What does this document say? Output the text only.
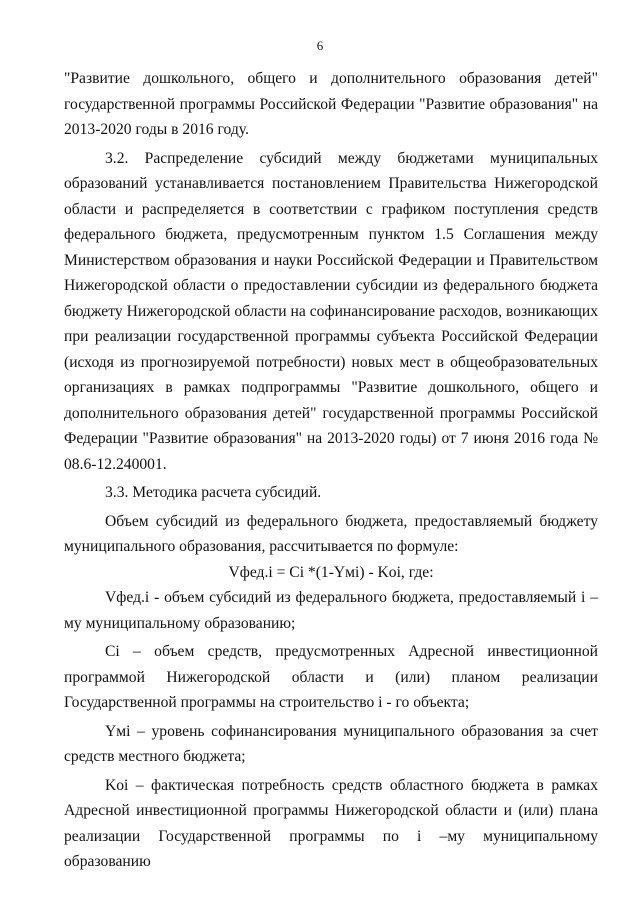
6

"Развитие дошкольного, общего и дополнительного образования детей" государственной программы Российской Федерации "Развитие образования" на 2013-2020 годы в 2016 году.

3.2. Распределение субсидий между бюджетами муниципальных образований устанавливается постановлением Правительства Нижегородской области и распределяется в соответствии с графиком поступления средств федерального бюджета, предусмотренным пунктом 1.5 Соглашения между Министерством образования и науки Российской Федерации и Правительством Нижегородской области о предоставлении субсидии из федерального бюджета бюджету Нижегородской области на софинансирование расходов, возникающих при реализации государственной программы субъекта Российской Федерации (исходя из прогнозируемой потребности) новых мест в общеобразовательных организациях в рамках подпрограммы "Развитие дошкольного, общего и дополнительного образования детей" государственной программы Российской Федерации "Развитие образования" на 2013-2020 годы) от 7 июня 2016 года № 08.6-12.240001.

3.3. Методика расчета субсидий.

Объем субсидий из федерального бюджета, предоставляемый бюджету муниципального образования, рассчитывается по формуле:

Vфед.i = Ci *(1-Yмi) - Koi, где:

Vфед.i - объем субсидий из федерального бюджета, предоставляемый i –му муниципальному образованию;

Ci – объем средств, предусмотренных Адресной инвестиционной программой Нижегородской области и (или) планом реализации Государственной программы на строительство i - го объекта;

Yмi – уровень софинансирования муниципального образования за счет средств местного бюджета;

Koi – фактическая потребность средств областного бюджета в рамках Адресной инвестиционной программы Нижегородской области и (или) плана реализации Государственной программы по i –му муниципальному образованию
